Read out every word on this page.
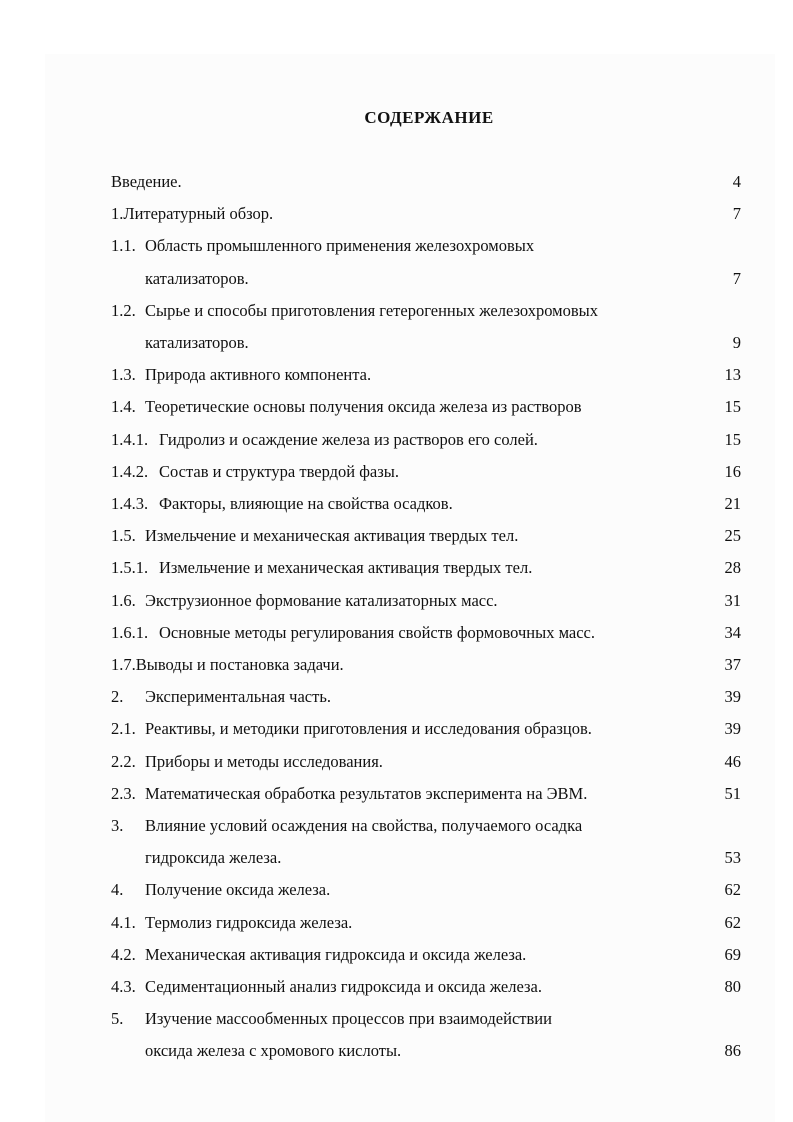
СОДЕРЖАНИЕ
Введение.	4
1.Литературный обзор.	7
1.1. Область промышленного применения железохромовых
катализаторов.	7
1.2. Сырье и способы приготовления гетерогенных железохромовых
катализаторов.	9
1.3. Природа активного компонента.	13
1.4. Теоретические основы получения оксида железа из растворов	15
1.4.1. Гидролиз и осаждение железа из растворов его солей.	15
1.4.2. Состав и структура твердой фазы.	16
1.4.3. Факторы, влияющие на свойства осадков.	21
1.5. Измельчение и механическая активация твердых тел.	25
1.5.1. Измельчение и механическая активация твердых тел.	28
1.6. Экструзионное формование катализаторных масс.	31
1.6.1. Основные методы регулирования свойств формовочных масс.	34
1.7.Выводы и постановка задачи.	37
2. Экспериментальная часть.	39
2.1. Реактивы, и методики приготовления и исследования образцов.	39
2.2. Приборы и методы исследования.	46
2.3. Математическая обработка результатов эксперимента на ЭВМ.	51
3. Влияние условий осаждения на свойства, получаемого осадка
гидроксида железа.	53
4. Получение оксида железа.	62
4.1. Термолиз гидроксида железа.	62
4.2. Механическая активация гидроксида и оксида железа.	69
4.3. Седиментационный анализ гидроксида и оксида железа.	80
5. Изучение массообменных процессов при взаимодействии
оксида железа с хромового кислоты.	86
